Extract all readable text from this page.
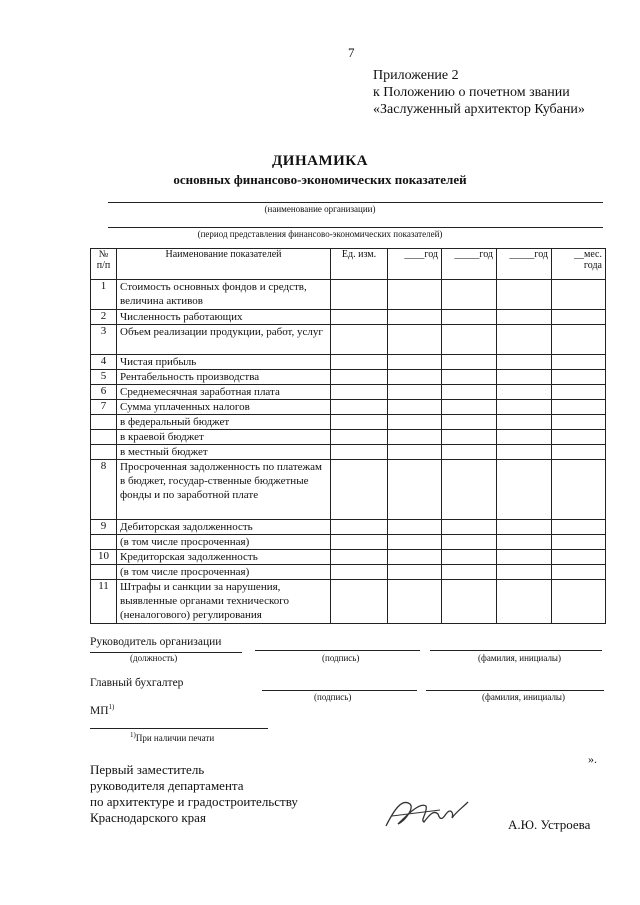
7
Приложение 2
к Положению о почетном звании
«Заслуженный архитектор Кубани»
ДИНАМИКА
основных финансово-экономических показателей
(наименование организации)
(период представления финансово-экономических показателей)
№ п/п	Наименование показателей	Ед. изм.	____год	_____год	_____год	__мес. года
1	Стоимость основных фондов и средств, величина активов					
2	Численность работающих					
3	Объем реализации продукции, работ, услуг					
4	Чистая прибыль					
5	Рентабельность производства					
6	Среднемесячная заработная плата					
7	Сумма уплаченных налогов					
	в федеральный бюджет					
	в краевой бюджет					
	в местный бюджет					
8	Просроченная задолженность по платежам в бюджет, государ-ственные бюджетные фонды и по заработной плате					
9	Дебиторская задолженность					
	(в том числе просроченная)					
10	Кредиторская задолженность					
	(в том числе просроченная)					
11	Штрафы и санкции за нарушения, выявленные органами технического (неналогового) регулирования					
Руководитель организации
(должность)	(подпись)	(фамилия, инициалы)
Главный бухгалтер
(подпись)	(фамилия, инициалы)
МП$^{1)}$
$^{1)}$При наличии печати
».
Первый заместитель
руководителя департамента
по архитектуре и градостроительству
Краснодарского края	А.Ю. Устроева
